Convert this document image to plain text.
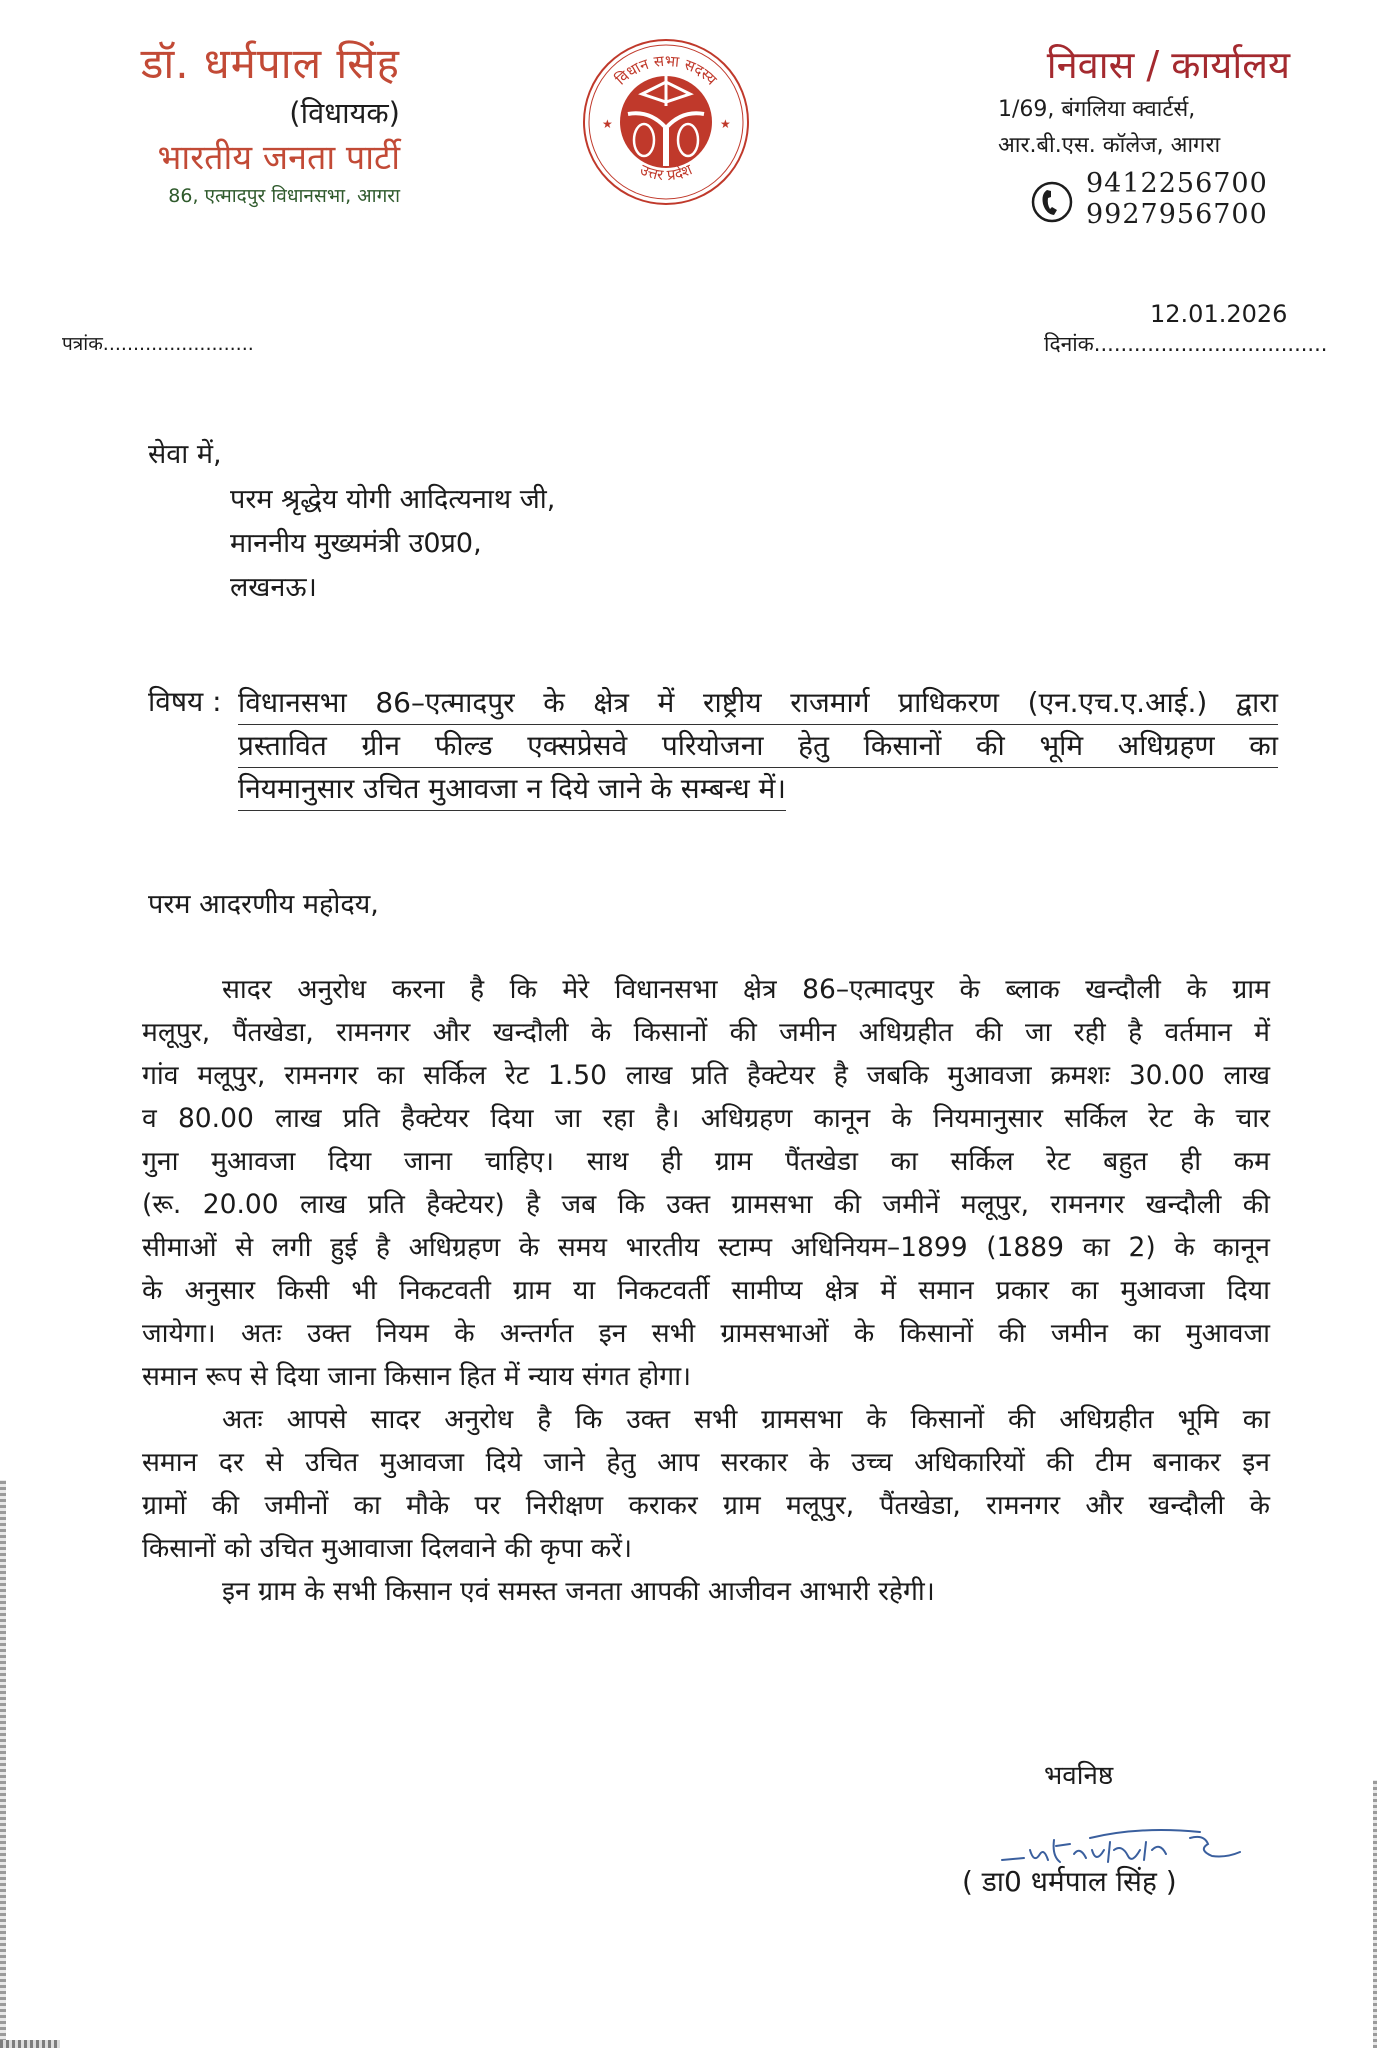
डॉ. धर्मपाल सिंह
(विधायक)
भारतीय जनता पार्टी
86, एत्मादपुर विधानसभा, आगरा
★	★
विधान सभा सदस्य
उत्तर प्रदेश
निवास / कार्यालय
1/69, बंगलिया क्वार्टर्स,
आर.बी.एस. कॉलेज, आगरा
9412256700
9927956700
पत्रांक.........................
12.01.2026
दिनांक...................................
सेवा में,
परम श्रृद्धेय योगी आदित्यनाथ जी,
माननीय मुख्यमंत्री उ0प्र0,
लखनऊ।
विषय : विधानसभा 86–एत्मादपुर के क्षेत्र में राष्ट्रीय राजमार्ग प्राधिकरण (एन.एच.ए.आई.) द्वारा
प्रस्तावित ग्रीन फील्ड एक्सप्रेसवे परियोजना हेतु किसानों की भूमि अधिग्रहण का
नियमानुसार उचित मुआवजा न दिये जाने के सम्बन्ध में।
परम आदरणीय महोदय,
सादर अनुरोध करना है कि मेरे विधानसभा क्षेत्र 86–एत्मादपुर के ब्लाक खन्दौली के ग्राम
मलूपुर, पैंतखेडा, रामनगर और खन्दौली के किसानों की जमीन अधिग्रहीत की जा रही है वर्तमान में
गांव मलूपुर, रामनगर का सर्किल रेट 1.50 लाख प्रति हैक्टेयर है जबकि मुआवजा क्रमशः 30.00 लाख
व 80.00 लाख प्रति हैक्टेयर दिया जा रहा है। अधिग्रहण कानून के नियमानुसार सर्किल रेट के चार
गुना मुआवजा दिया जाना चाहिए। साथ ही ग्राम पैंतखेडा का सर्किल रेट बहुत ही कम
(रू. 20.00 लाख प्रति हैक्टेयर) है जब कि उक्त ग्रामसभा की जमीनें मलूपुर, रामनगर खन्दौली की
सीमाओं से लगी हुई है अधिग्रहण के समय भारतीय स्टाम्प अधिनियम–1899 (1889 का 2) के कानून
के अनुसार किसी भी निकटवती ग्राम या निकटवर्ती सामीप्य क्षेत्र में समान प्रकार का मुआवजा दिया
जायेगा। अतः उक्त नियम के अन्तर्गत इन सभी ग्रामसभाओं के किसानों की जमीन का मुआवजा
समान रूप से दिया जाना किसान हित में न्याय संगत होगा।
अतः आपसे सादर अनुरोध है कि उक्त सभी ग्रामसभा के किसानों की अधिग्रहीत भूमि का
समान दर से उचित मुआवजा दिये जाने हेतु आप सरकार के उच्च अधिकारियों की टीम बनाकर इन
ग्रामों की जमीनों का मौके पर निरीक्षण कराकर ग्राम मलूपुर, पैंतखेडा, रामनगर और खन्दौली के
किसानों को उचित मुआवाजा दिलवाने की कृपा करें।
इन ग्राम के सभी किसान एवं समस्त जनता आपकी आजीवन आभारी रहेगी।
भवनिष्ठ
( डा0 धर्मपाल सिंह )
